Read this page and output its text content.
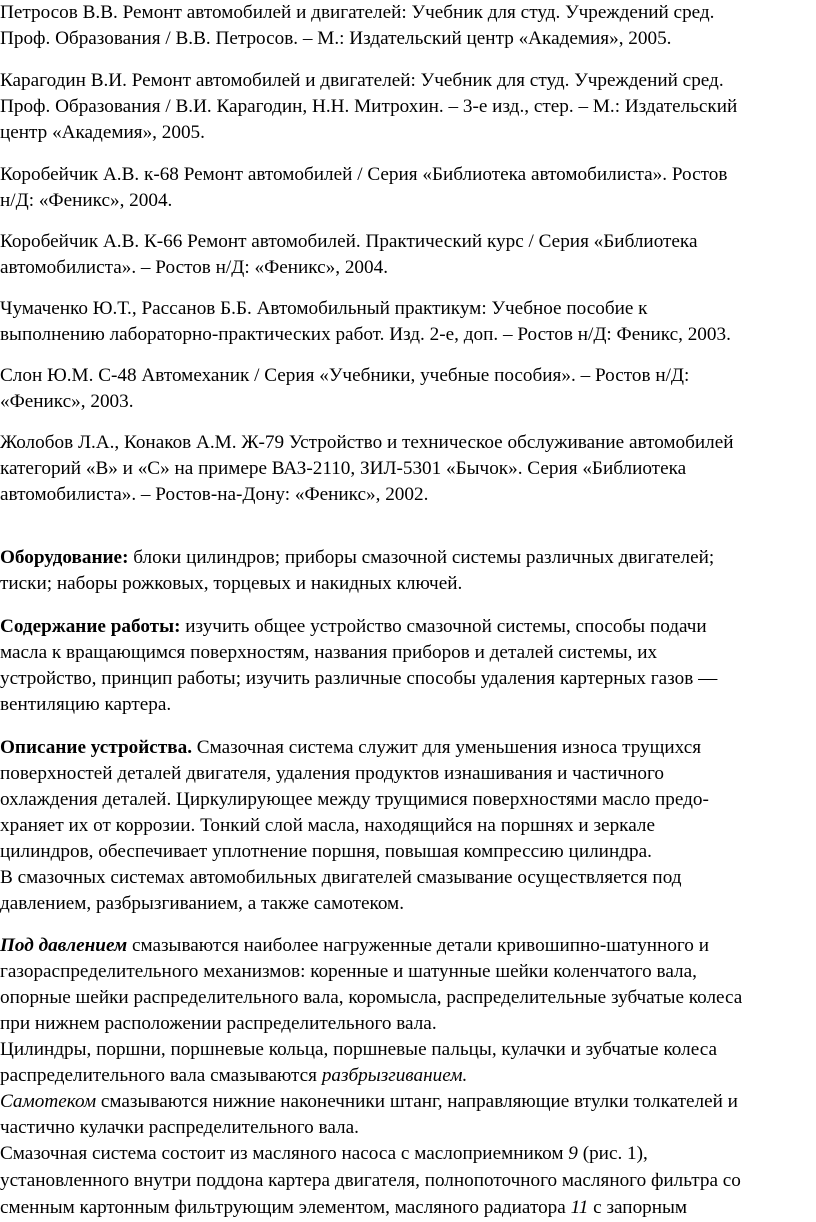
Петросов В.В. Ремонт автомобилей и двигателей: Учебник для студ. Учреждений сред.

Проф. Образования / В.В. Петросов. – М.: Издательский центр «Академия», 2005.

Карагодин В.И. Ремонт автомобилей и двигателей: Учебник для студ. Учреждений сред.

Проф. Образования / В.И. Карагодин, Н.Н. Митрохин. – 3-е изд., стер. – М.: Издательский

центр «Академия», 2005.

Коробейчик А.В. к-68 Ремонт автомобилей / Серия «Библиотека автомобилиста». Ростов

н/Д: «Феникс», 2004.

Коробейчик А.В. К-66 Ремонт автомобилей. Практический курс / Серия «Библиотека

автомобилиста». – Ростов н/Д: «Феникс», 2004.

Чумаченко Ю.Т., Рассанов Б.Б. Автомобильный практикум: Учебное пособие к

выполнению лабораторно-практических работ. Изд. 2-е, доп. – Ростов н/Д: Феникс, 2003.

Слон Ю.М. С-48 Автомеханик / Серия «Учебники, учебные пособия». – Ростов н/Д:

«Феникс», 2003.

Жолобов Л.А., Конаков А.М. Ж-79 Устройство и техническое обслуживание автомобилей

категорий «В» и «С» на примере ВАЗ-2110, ЗИЛ-5301 «Бычок». Серия «Библиотека

автомобилиста». – Ростов-на-Дону: «Феникс», 2002.

Оборудование: блоки цилиндров; приборы смазочной системы различных двигателей;

тиски; наборы рожковых, торцевых и накидных ключей.

Содержание работы: изучить общее устройство смазочной системы, способы подачи

масла к вращающимся поверхностям, названия приборов и деталей системы, их

устройство, принцип работы; изучить различные способы удаления картерных газов —

вентиляцию картера.

Описание устройства. Смазочная система служит для уменьшения износа трущихся

поверхностей деталей двигателя, удаления продуктов изнашивания и частичного

охлаждения деталей. Циркулирующее между трущимися поверхностями масло предо-

храняет их от коррозии. Тонкий слой масла, находящийся на поршнях и зеркале

цилиндров, обеспечивает уплотнение поршня, повышая компрессию цилиндра.

В смазочных системах автомобильных двигателей смазывание осуществляется под

давлением, разбрызгиванием, а также самотеком.

Под давлением смазываются наиболее нагруженные детали кривошипно-шатунного и

газораспределительного механизмов: коренные и шатунные шейки коленчатого вала,

опорные шейки распределительного вала, коромысла, распределительные зубчатые колеса

при нижнем расположении распределительного вала.

Цилиндры, поршни, поршневые кольца, поршневые пальцы, кулачки и зубчатые колеса

распределительного вала смазываются разбрызгиванием.

Самотеком смазываются нижние наконечники штанг, направляющие втулки толкателей и

частично кулачки распределительного вала.

Смазочная система состоит из масляного насоса с маслоприемником 9 (рис. 1),

установленного внутри поддона картера двигателя, полнопоточного масляного фильтра со

сменным картонным фильтрующим элементом, масляного радиатора 11 с запорным
